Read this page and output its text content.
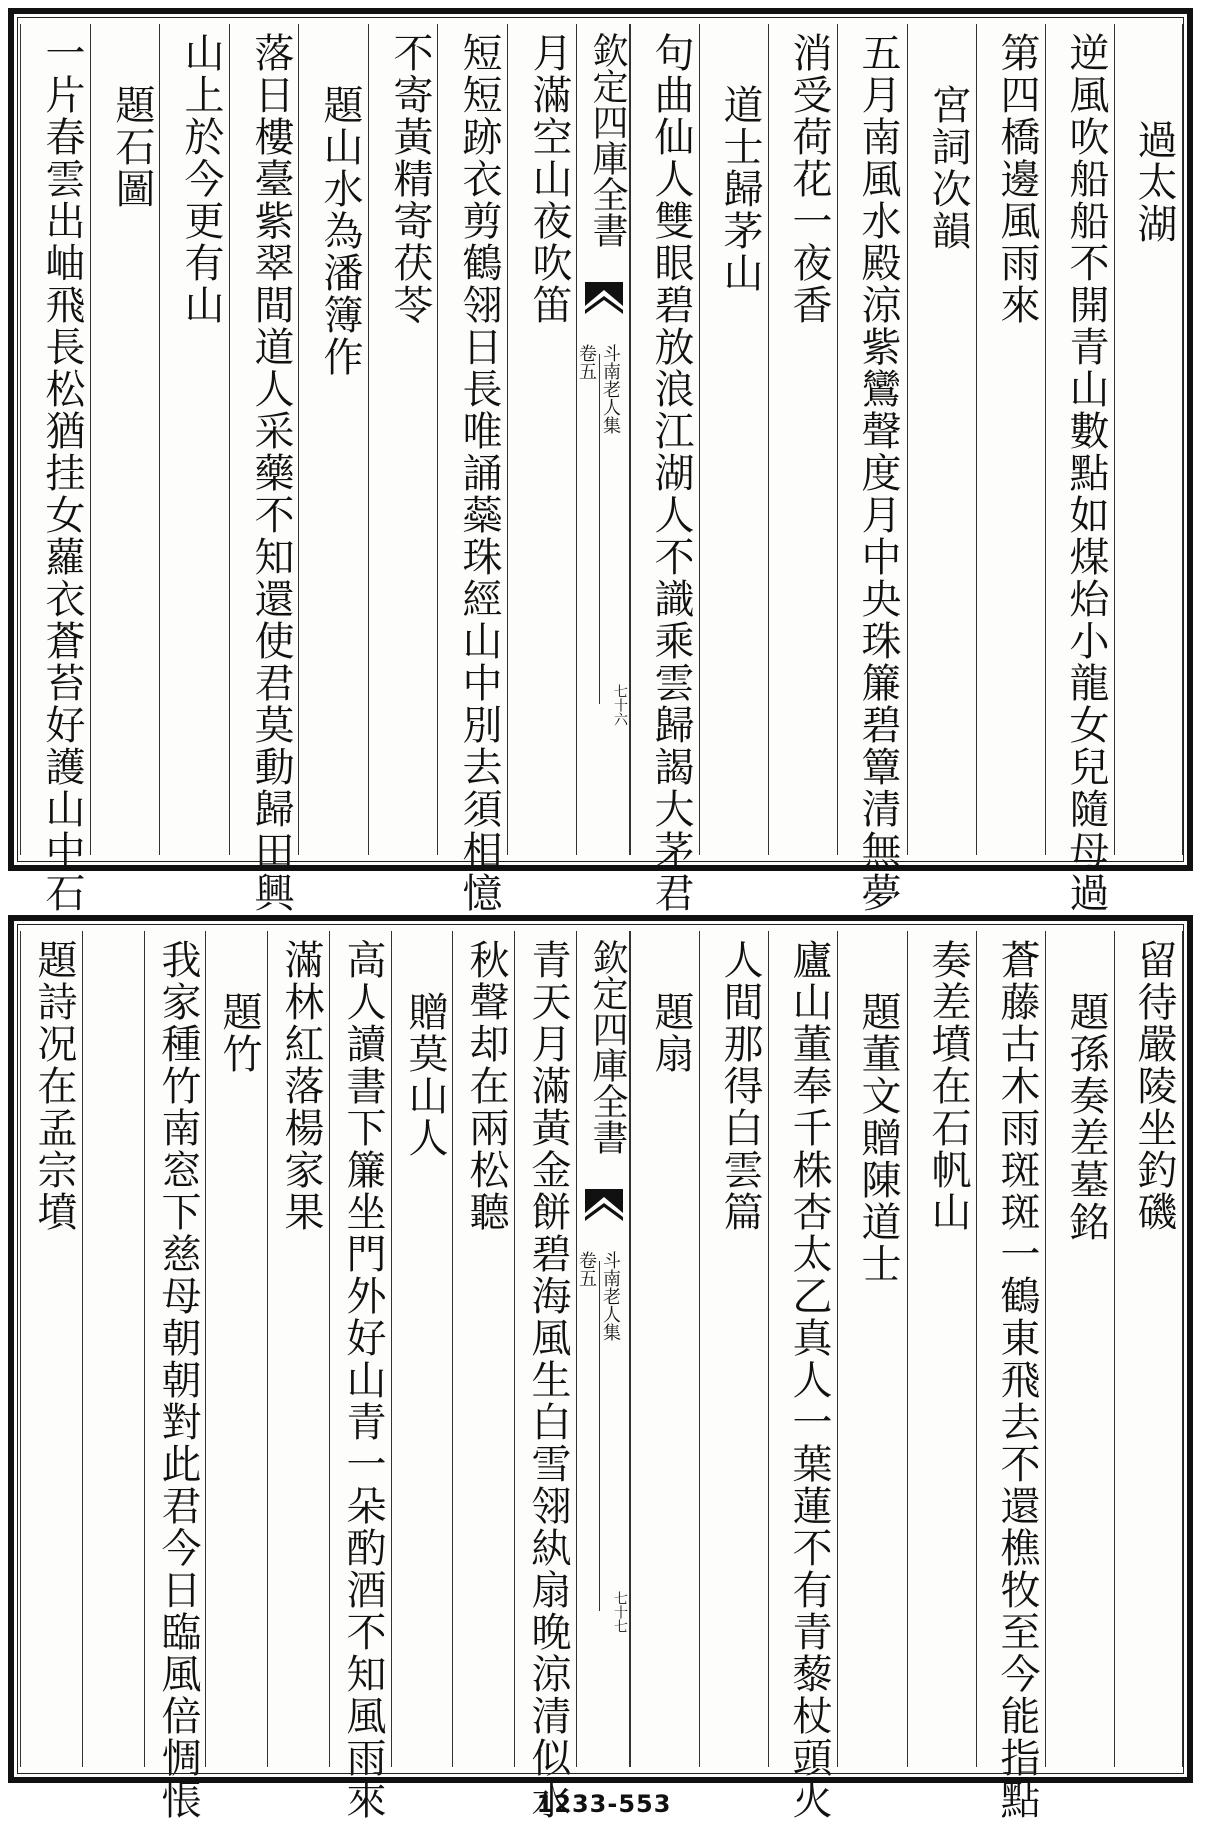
欽定四庫全書
斗南老人集
卷五
七十六
過太湖
逆風吹船船不開青山數點如煤炲小龍女兒隨母過
第四橋邊風雨來
宮詞次韻
五月南風水殿涼紫鸞聲度月中央珠簾碧簟清無夢
消受荷花一夜香
道士歸茅山
句曲仙人雙眼碧放浪江湖人不識乘雲歸謁大茅君
月滿空山夜吹笛
短短跡衣剪鶴翎日長唯誦蘂珠經山中別去須相憶
不寄黃精寄茯苓
題山水為潘簿作
落日樓臺紫翠間道人采藥不知還使君莫動歸田興
山上於今更有山
題石圖
一片春雲出岫飛長松猶挂女蘿衣蒼苔好護山中石
欽定四庫全書
斗南老人集
卷五
七十七
留待嚴陵坐釣磯
題孫奏差墓銘
蒼藤古木雨斑斑一鶴東飛去不還樵牧至今能指點
奏差墳在石帆山
題董文贈陳道士
廬山董奉千株杏太乙真人一葉蓮不有青藜杖頭火
人間那得白雲篇
題扇
青天月滿黃金餅碧海風生白雪翎紈扇晚涼清似水
秋聲却在兩松聽
贈莫山人
高人讀書下簾坐門外好山青一朵酌酒不知風雨來
滿林紅落楊家果
題竹
我家種竹南窓下慈母朝朝對此君今日臨風倍惆悵
題詩况在孟宗墳
1233-553
